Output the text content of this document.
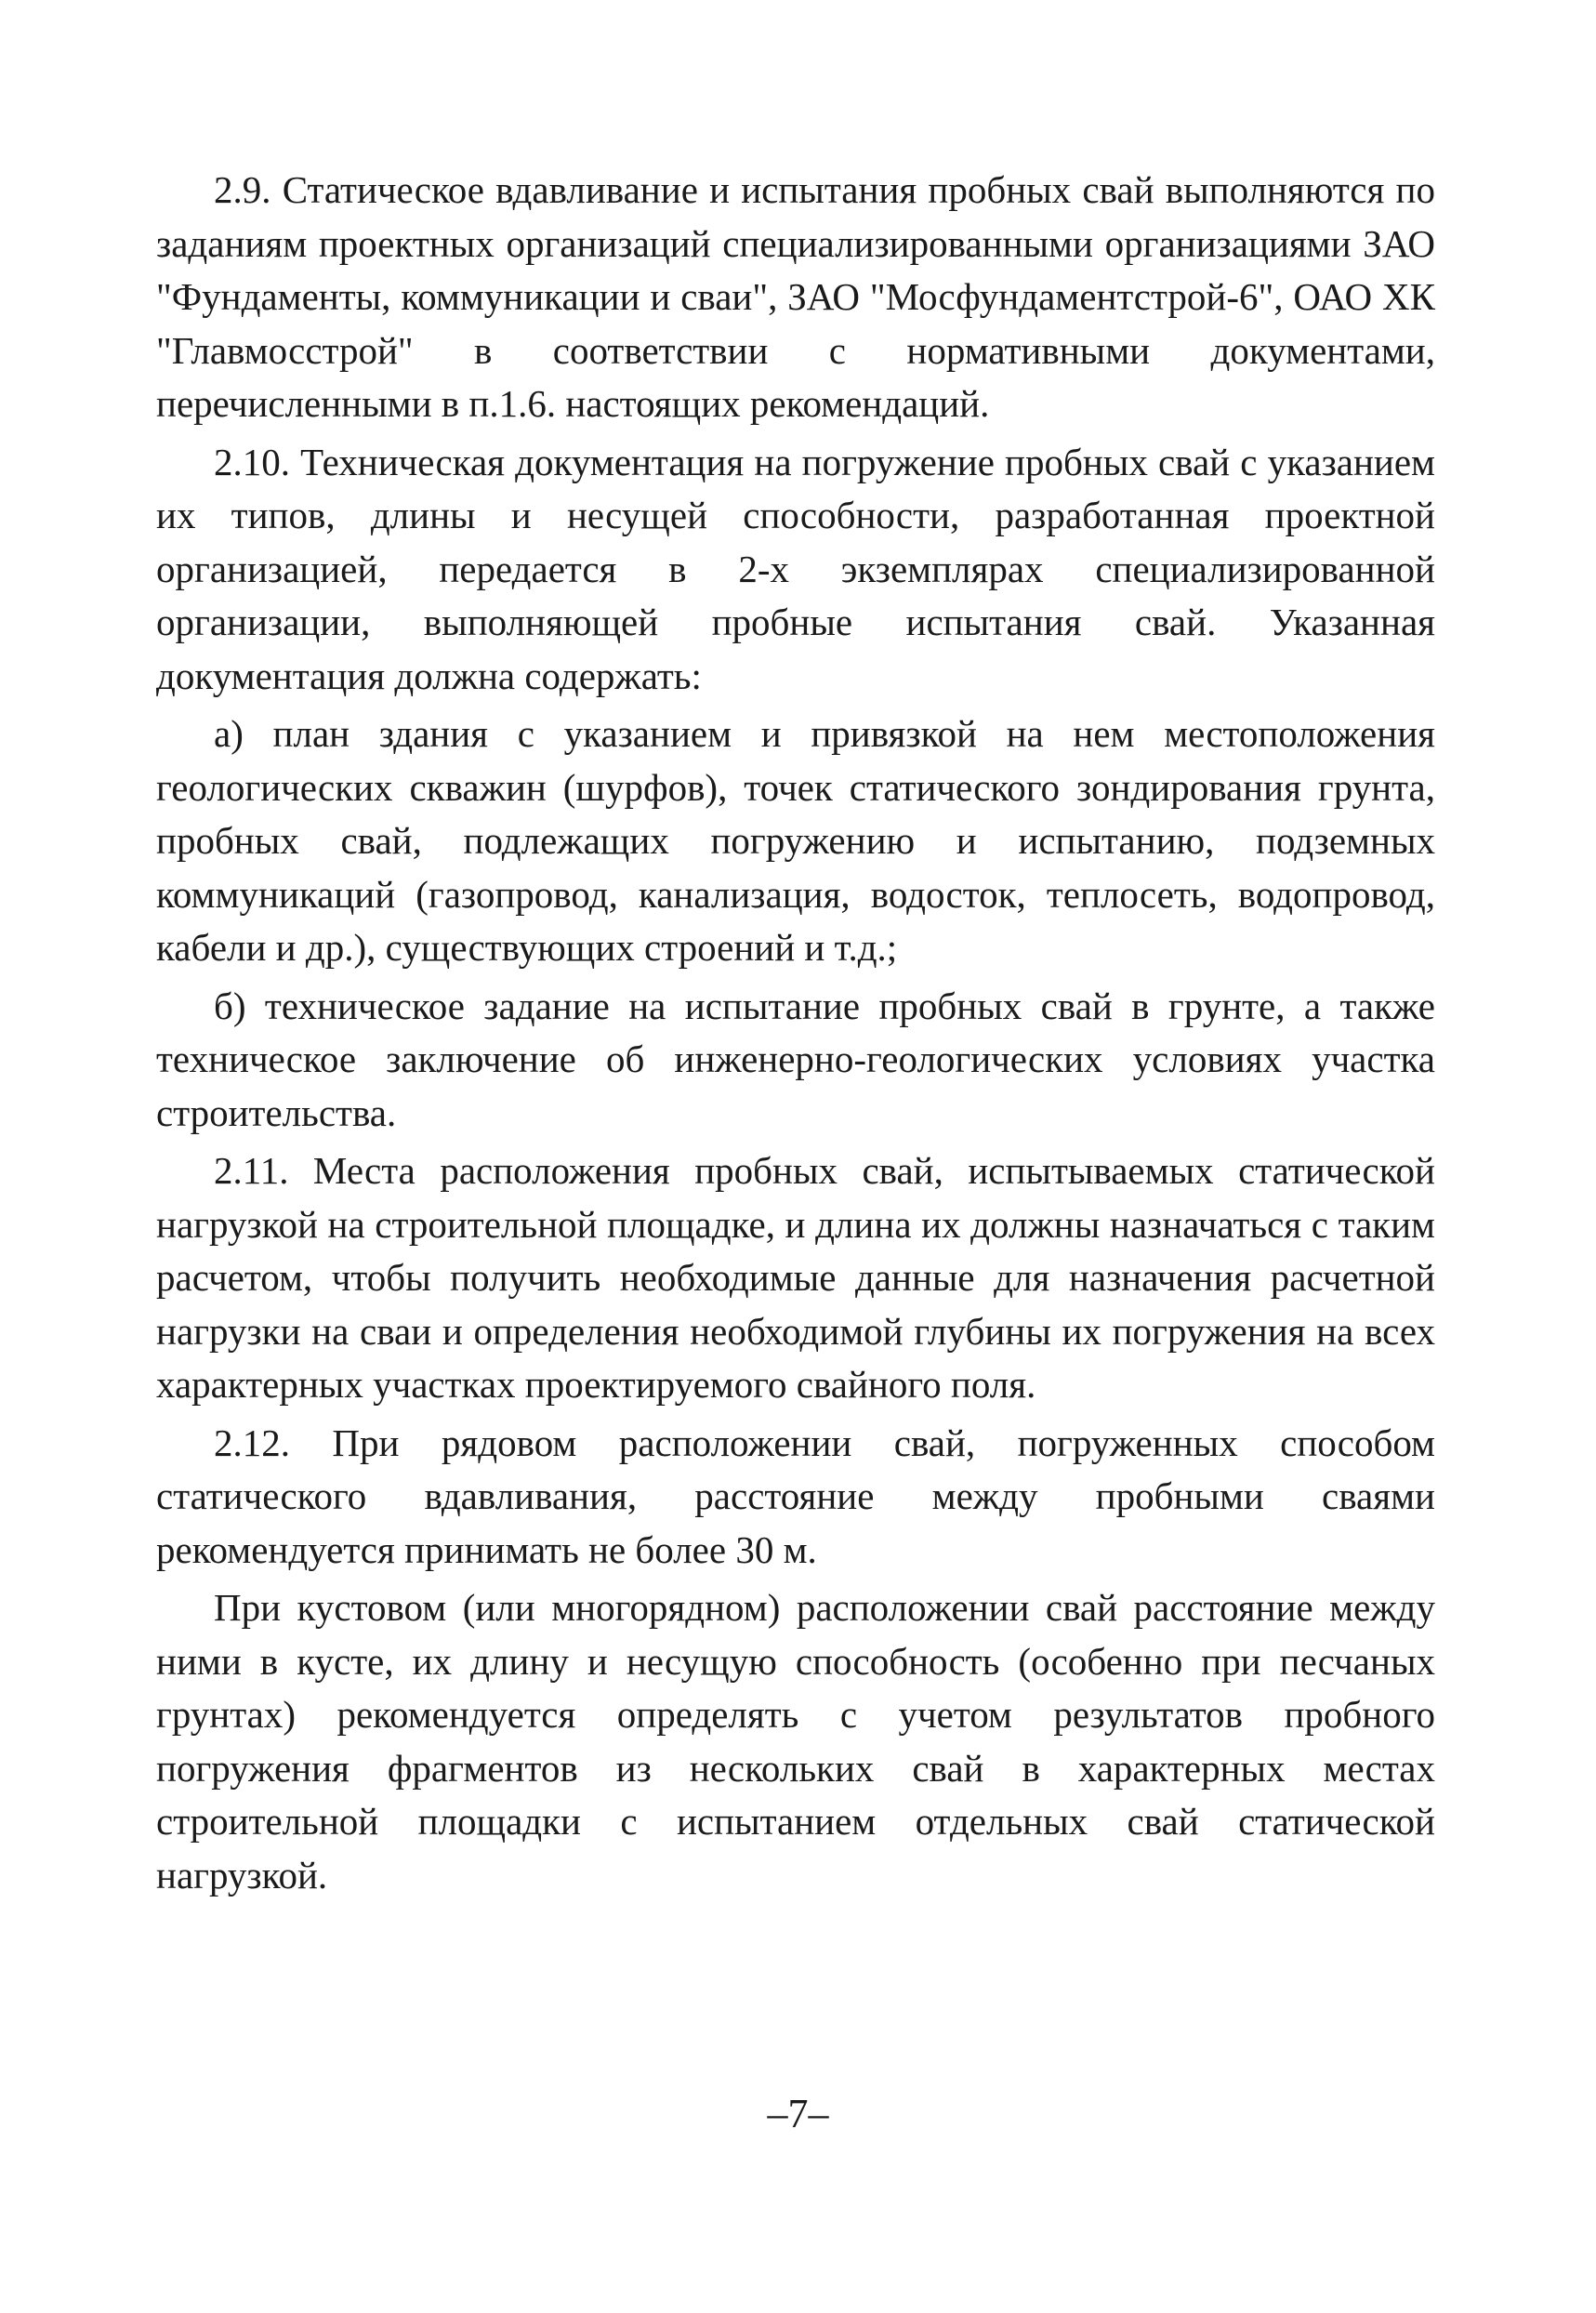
2.9. Статическое вдавливание и испытания пробных свай выполняются по заданиям проектных организаций специализированными организациями ЗАО "Фундаменты, коммуникации и сваи", ЗАО "Мосфундаментстрой-6", ОАО ХК "Главмосстрой" в соответствии с нормативными документами, перечисленными в п.1.6. настоящих рекомендаций.

2.10. Техническая документация на погружение пробных свай с указанием их типов, длины и несущей способности, разработанная проектной организацией, передается в 2-х экземплярах специализированной организации, выполняющей пробные испытания свай. Указанная документация должна содержать:

а) план здания с указанием и привязкой на нем местоположения геологических скважин (шурфов), точек статического зондирования грунта, пробных свай, подлежащих погружению и испытанию, подземных коммуникаций (газопровод, канализация, водосток, теплосеть, водопровод, кабели и др.), существующих строений и т.д.;

б) техническое задание на испытание пробных свай в грунте, а также техническое заключение об инженерно-геологических условиях участка строительства.

2.11. Места расположения пробных свай, испытываемых статической нагрузкой на строительной площадке, и длина их должны назначаться с таким расчетом, чтобы получить необходимые данные для назначения расчетной нагрузки на сваи и определения необходимой глубины их погружения на всех характерных участках проектируемого свайного поля.

2.12. При рядовом расположении свай, погруженных способом статического вдавливания, расстояние между пробными сваями рекомендуется принимать не более 30 м.

При кустовом (или многорядном) расположении свай расстояние между ними в кусте, их длину и несущую способность (особенно при песчаных грунтах) рекомендуется определять с учетом результатов пробного погружения фрагментов из нескольких свай в характерных местах строительной площадки с испытанием отдельных свай статической нагрузкой.

–7–
